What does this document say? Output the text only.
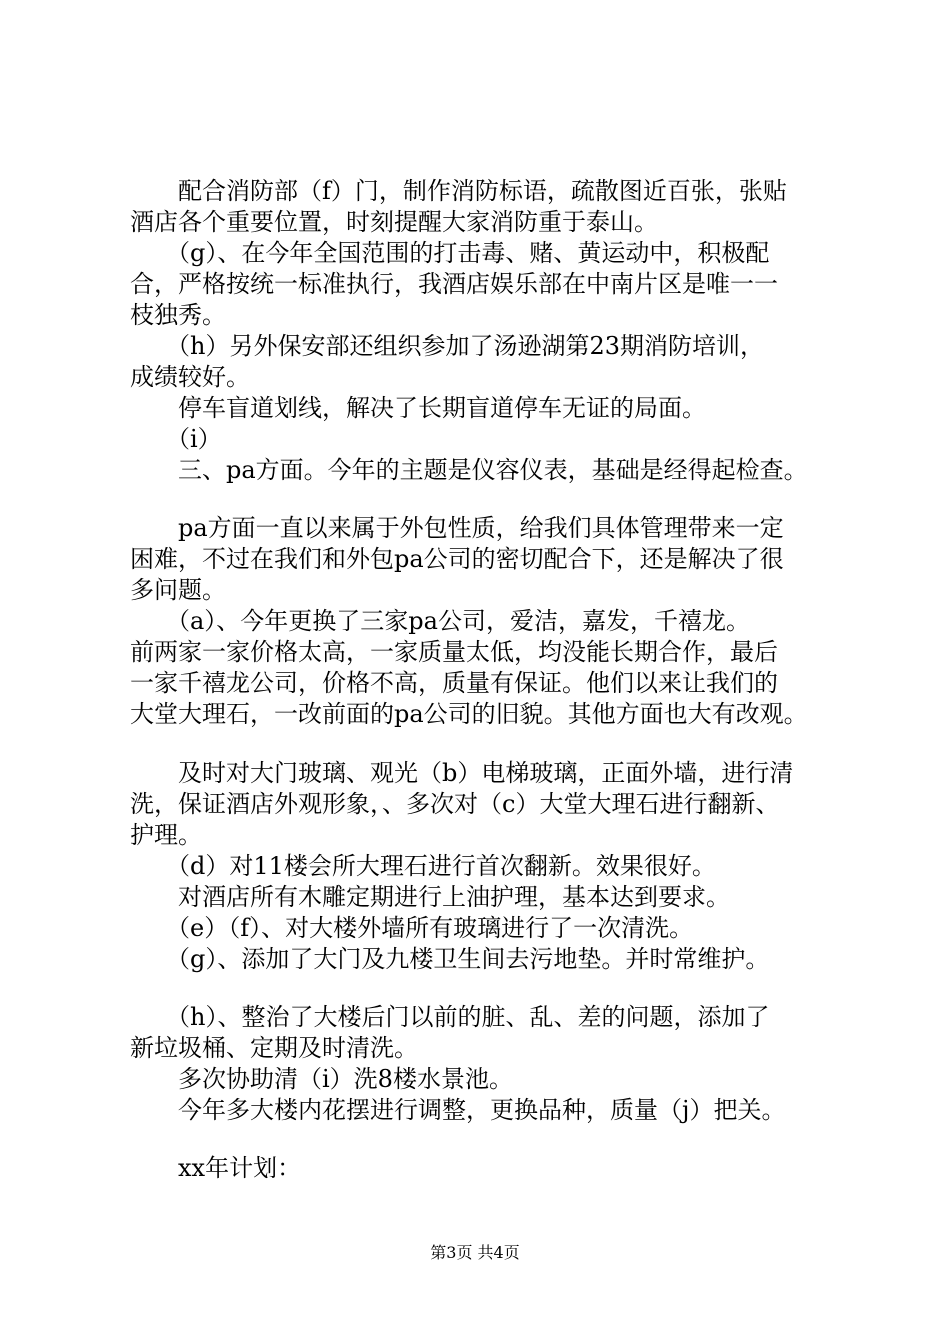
　　配合消防部（f）门，制作消防标语，疏散图近百张，张贴
酒店各个重要位置，时刻提醒大家消防重于泰山。

　　（g）、在今年全国范围的打击毒、赌、黄运动中，积极配
合，严格按统一标准执行，我酒店娱乐部在中南片区是唯一一
枝独秀。

　　（h）另外保安部还组织参加了汤逊湖第23期消防培训，
成绩较好。

　　停车盲道划线，解决了长期盲道停车无证的局面。

　　（i）

　　三、pa方面。今年的主题是仪容仪表，基础是经得起检查。

　　pa方面一直以来属于外包性质，给我们具体管理带来一定
困难，不过在我们和外包pa公司的密切配合下，还是解决了很
多问题。

　　（a）、今年更换了三家pa公司，爱洁，嘉发，千禧龙。
前两家一家价格太高，一家质量太低，均没能长期合作，最后
一家千禧龙公司，价格不高，质量有保证。他们以来让我们的
大堂大理石，一改前面的pa公司的旧貌。其他方面也大有改观。

　　及时对大门玻璃、观光（b）电梯玻璃，正面外墙，进行清
洗，保证酒店外观形象，、多次对（c）大堂大理石进行翻新、
护理。

　　（d）对11楼会所大理石进行首次翻新。效果很好。

　　对酒店所有木雕定期进行上油护理，基本达到要求。

　　（e）（f）、对大楼外墙所有玻璃进行了一次清洗。

　　（g）、添加了大门及九楼卫生间去污地垫。并时常维护。

　　（h）、整治了大楼后门以前的脏、乱、差的问题，添加了
新垃圾桶、定期及时清洗。

　　多次协助清（i）洗8楼水景池。

　　今年多大楼内花摆进行调整，更换品种，质量（j）把关。

　　xx年计划：

第3页 共4页
